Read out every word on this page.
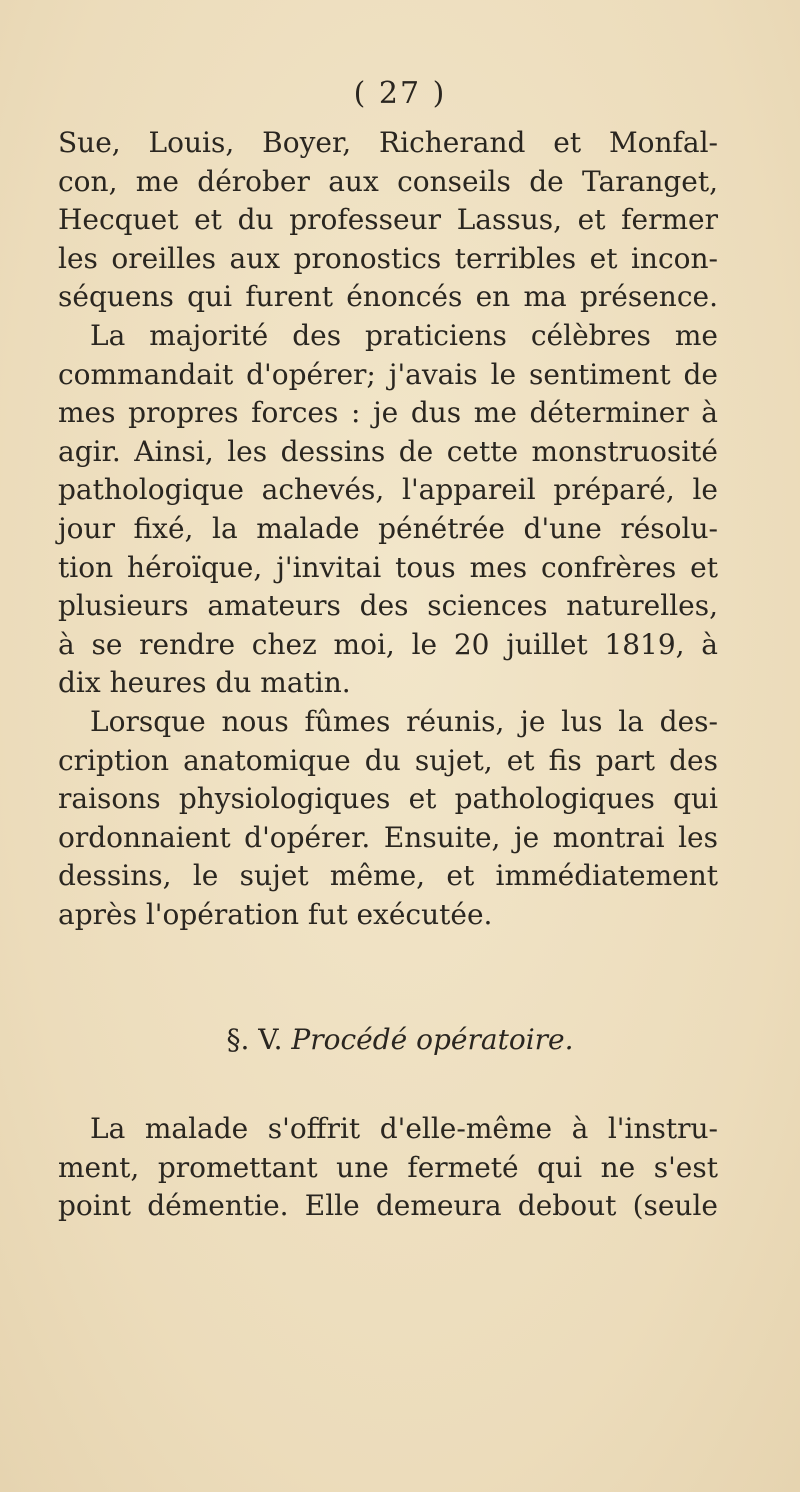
( 27 )
Sue, Louis, Boyer, Richerand et Monfal-
con, me dérober aux conseils de Taranget,
Hecquet et du professeur Lassus, et fermer
les oreilles aux pronostics terribles et incon-
séquens qui furent énoncés en ma présence.
La majorité des praticiens célèbres me
commandait d'opérer; j'avais le sentiment de
mes propres forces : je dus me déterminer à
agir. Ainsi, les dessins de cette monstruosité
pathologique achevés, l'appareil préparé, le
jour fixé, la malade pénétrée d'une résolu-
tion héroïque, j'invitai tous mes confrères et
plusieurs amateurs des sciences naturelles,
à se rendre chez moi, le 20 juillet 1819, à
dix heures du matin.
Lorsque nous fûmes réunis, je lus la des-
cription anatomique du sujet, et fis part des
raisons physiologiques et pathologiques qui
ordonnaient d'opérer. Ensuite, je montrai les
dessins, le sujet même, et immédiatement
après l'opération fut exécutée.
§. V. Procédé opératoire.
La malade s'offrit d'elle-même à l'instru-
ment, promettant une fermeté qui ne s'est
point démentie. Elle demeura debout (seule
